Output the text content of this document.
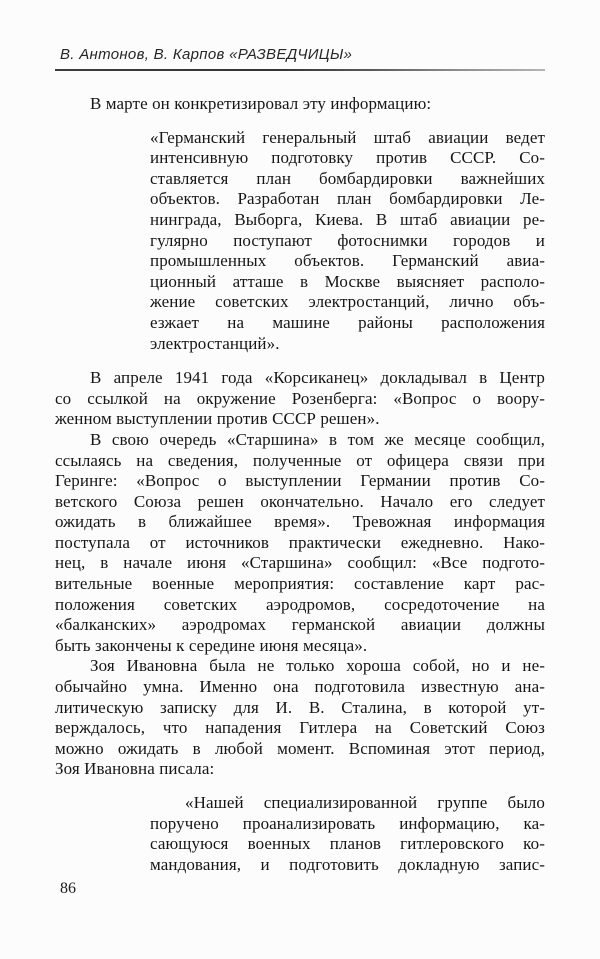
В. Антонов, В. Карпов «РАЗВЕДЧИЦЫ»
В марте он конкретизировал эту информацию:
«Германский генеральный штаб авиации ведет
интенсивную подготовку против СССР. Со-
ставляется план бомбардировки важнейших
объектов. Разработан план бомбардировки Ле-
нинграда, Выборга, Киева. В штаб авиации ре-
гулярно поступают фотоснимки городов и
промышленных объектов. Германский авиа-
ционный атташе в Москве выясняет располо-
жение советских электростанций, лично объ-
езжает на машине районы расположения
электростанций».
В апреле 1941 года «Корсиканец» докладывал в Центр
со ссылкой на окружение Розенберга: «Вопрос о воору-
женном выступлении против СССР решен».
В свою очередь «Старшина» в том же месяце сообщил,
ссылаясь на сведения, полученные от офицера связи при
Геринге: «Вопрос о выступлении Германии против Со-
ветского Союза решен окончательно. Начало его следует
ожидать в ближайшее время». Тревожная информация
поступала от источников практически ежедневно. Нако-
нец, в начале июня «Старшина» сообщил: «Все подгото-
вительные военные мероприятия: составление карт рас-
положения советских аэродромов, сосредоточение на
«балканских» аэродромах германской авиации должны
быть закончены к середине июня месяца».
Зоя Ивановна была не только хороша собой, но и не-
обычайно умна. Именно она подготовила известную ана-
литическую записку для И. В. Сталина, в которой ут-
верждалось, что нападения Гитлера на Советский Союз
можно ожидать в любой момент. Вспоминая этот период,
Зоя Ивановна писала:
«Нашей специализированной группе было
поручено проанализировать информацию, ка-
сающуюся военных планов гитлеровского ко-
мандования, и подготовить докладную запис-
86
